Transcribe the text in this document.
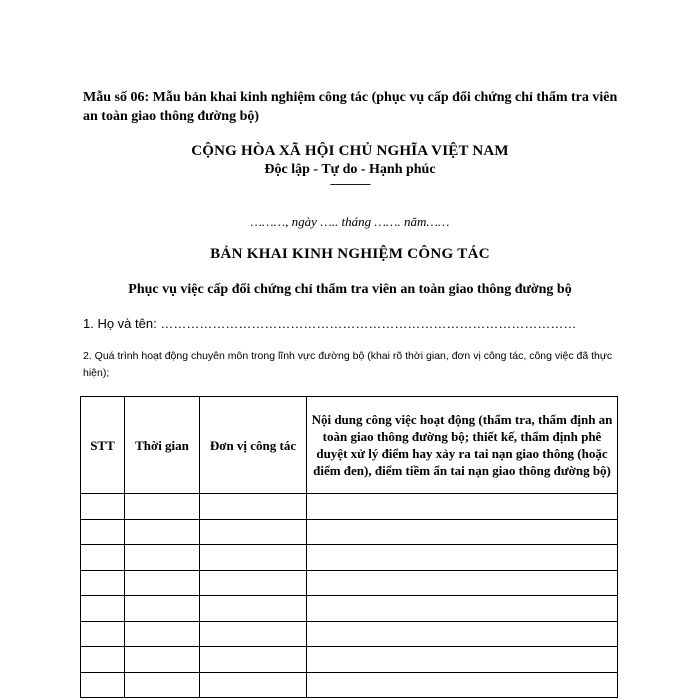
Mẫu số 06: Mẫu bản khai kinh nghiệm công tác (phục vụ cấp đổi chứng chỉ thẩm tra viên an toàn giao thông đường bộ)
CỘNG HÒA XÃ HỘI CHỦ NGHĨA VIỆT NAM
Độc lập - Tự do - Hạnh phúc
---------------
………, ngày ….. tháng ……. năm……
BẢN KHAI KINH NGHIỆM CÔNG TÁC
Phục vụ việc cấp đổi chứng chỉ thẩm tra viên an toàn giao thông đường bộ
1. Họ và tên: ……………………………………………………………………………………
2. Quá trình hoạt động chuyên môn trong lĩnh vực đường bộ (khai rõ thời gian, đơn vị công tác, công việc đã thực hiện);
STT	Thời gian	Đơn vị công tác	Nội dung công việc hoạt động (thẩm tra, thẩm định an toàn giao thông đường bộ; thiết kế, thẩm định phê duyệt xử lý điểm hay xảy ra tai nạn giao thông (hoặc điểm đen), điểm tiềm ẩn tai nạn giao thông đường bộ)
